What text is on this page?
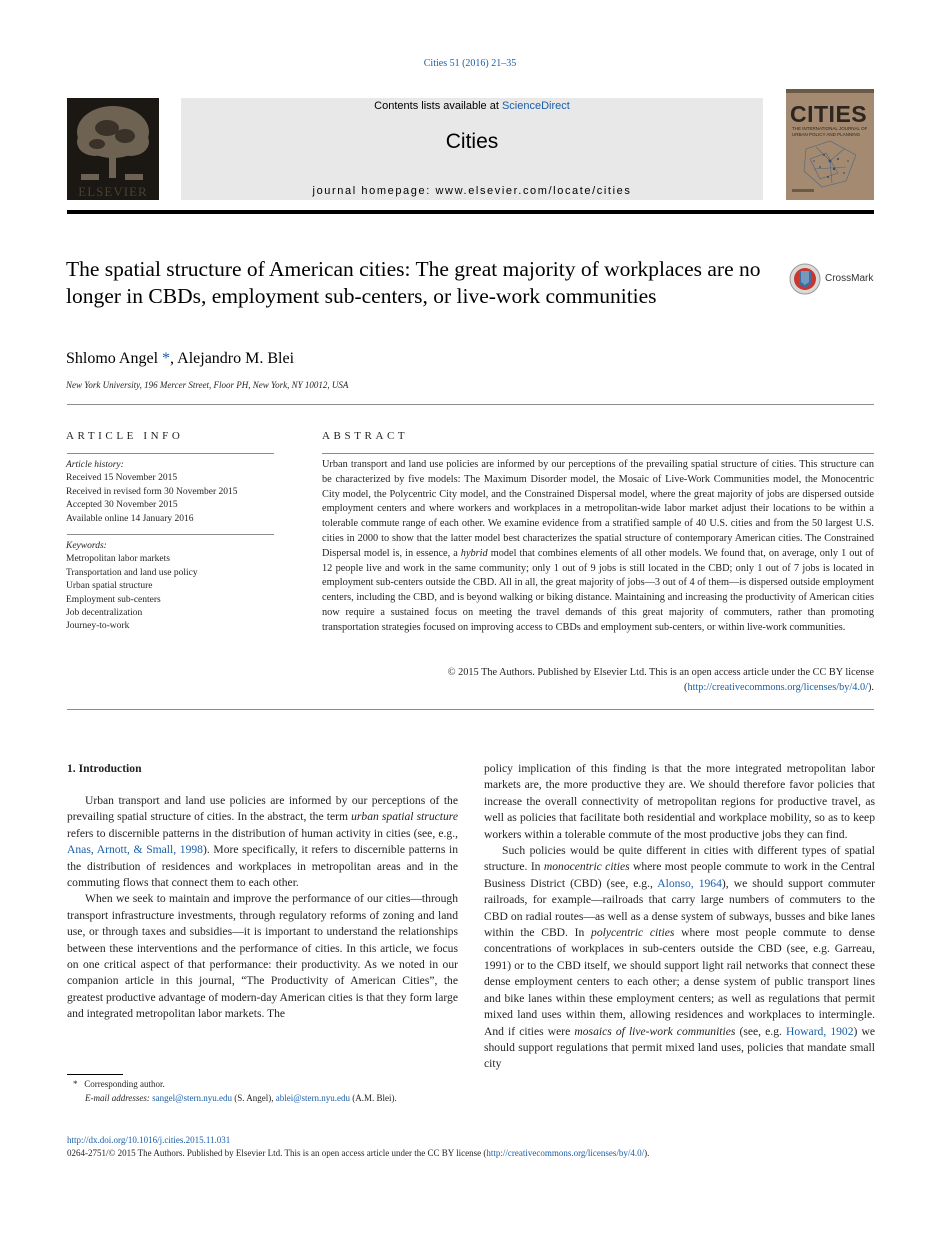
Cities 51 (2016) 21–35
ELSEVIER
Contents lists available at ScienceDirect
Cities
journal homepage: www.elsevier.com/locate/cities
CITIES
THE INTERNATIONAL JOURNAL OF URBAN POLICY AND PLANNING
The spatial structure of American cities: The great majority of workplaces are no longer in CBDs, employment sub-centers, or live-work communities
CrossMark
Shlomo Angel *, Alejandro M. Blei
New York University, 196 Mercer Street, Floor PH, New York, NY 10012, USA
ARTICLE INFO
Article history:
Received 15 November 2015
Received in revised form 30 November 2015
Accepted 30 November 2015
Available online 14 January 2016
Keywords:
Metropolitan labor markets
Transportation and land use policy
Urban spatial structure
Employment sub-centers
Job decentralization
Journey-to-work
ABSTRACT

Urban transport and land use policies are informed by our perceptions of the prevailing spatial structure of cities. This structure can be characterized by five models: The Maximum Disorder model, the Mosaic of Live-Work Communities model, the Monocentric City model, the Polycentric City model, and the Constrained Dispersal model, where the great majority of jobs are dispersed outside employment centers and where workers and workplaces in a metropolitan-wide labor market adjust their locations to be within a tolerable commute range of each other. We examine evidence from a stratified sample of 40 U.S. cities and from the 50 largest U.S. cities in 2000 to show that the latter model best characterizes the spatial structure of contemporary American cities. The Constrained Dispersal model is, in essence, a hybrid model that combines elements of all other models. We found that, on average, only 1 out of 12 people live and work in the same community; only 1 out of 9 jobs is still located in the CBD; only 1 out of 7 jobs is located in employment sub-centers outside the CBD. All in all, the great majority of jobs—3 out of 4 of them—is dispersed outside employment centers, including the CBD, and is beyond walking or biking distance. Maintaining and increasing the productivity of American cities now require a sustained focus on meeting the travel demands of this great majority of commuters, rather than promoting transportation strategies focused on improving access to CBDs and employment sub-centers, or within live-work communities.

© 2015 The Authors. Published by Elsevier Ltd. This is an open access article under the CC BY license
(http://creativecommons.org/licenses/by/4.0/).
1. Introduction

Urban transport and land use policies are informed by our perceptions of the prevailing spatial structure of cities. In the abstract, the term urban spatial structure refers to discernible patterns in the distribution of human activity in cities (see, e.g., Anas, Arnott, & Small, 1998). More specifically, it refers to discernible patterns in the distribution of residences and workplaces in metropolitan areas and in the commuting flows that connect them to each other.

When we seek to maintain and improve the performance of our cities—through transport infrastructure investments, through regulatory reforms of zoning and land use, or through taxes and subsidies—it is important to understand the relationships between these interventions and the performance of cities. In this article, we focus on one critical aspect of that performance: their productivity. As we noted in our companion article in this journal, “The Productivity of American Cities”, the greatest productive advantage of modern-day American cities is that they form large and integrated metropolitan labor markets. The

policy implication of this finding is that the more integrated metropolitan labor markets are, the more productive they are. We should therefore favor policies that increase the overall connectivity of metropolitan regions for productive travel, as well as policies that facilitate both residential and workplace mobility, so as to keep workers within a tolerable commute of the most productive jobs they can find.

Such policies would be quite different in cities with different types of spatial structure. In monocentric cities where most people commute to work in the Central Business District (CBD) (see, e.g., Alonso, 1964), we should support commuter railroads, for example—railroads that carry large numbers of commuters to the CBD on radial routes—as well as a dense system of subways, busses and bike lanes within the CBD. In polycentric cities where most people commute to dense concentrations of workplaces in sub-centers outside the CBD (see, e.g. Garreau, 1991) or to the CBD itself, we should support light rail networks that connect these dense employment centers to each other; a dense system of public transport lines and bike lanes within these employment centers; as well as regulations that permit mixed land uses within them, allowing residences and workplaces to intermingle. And if cities were mosaics of live-work communities (see, e.g. Howard, 1902) we should support regulations that permit mixed land uses, policies that mandate small city

* Corresponding author.
E-mail addresses: sangel@stern.nyu.edu (S. Angel), ablei@stern.nyu.edu (A.M. Blei).
http://dx.doi.org/10.1016/j.cities.2015.11.031
0264-2751/© 2015 The Authors. Published by Elsevier Ltd. This is an open access article under the CC BY license (http://creativecommons.org/licenses/by/4.0/).
